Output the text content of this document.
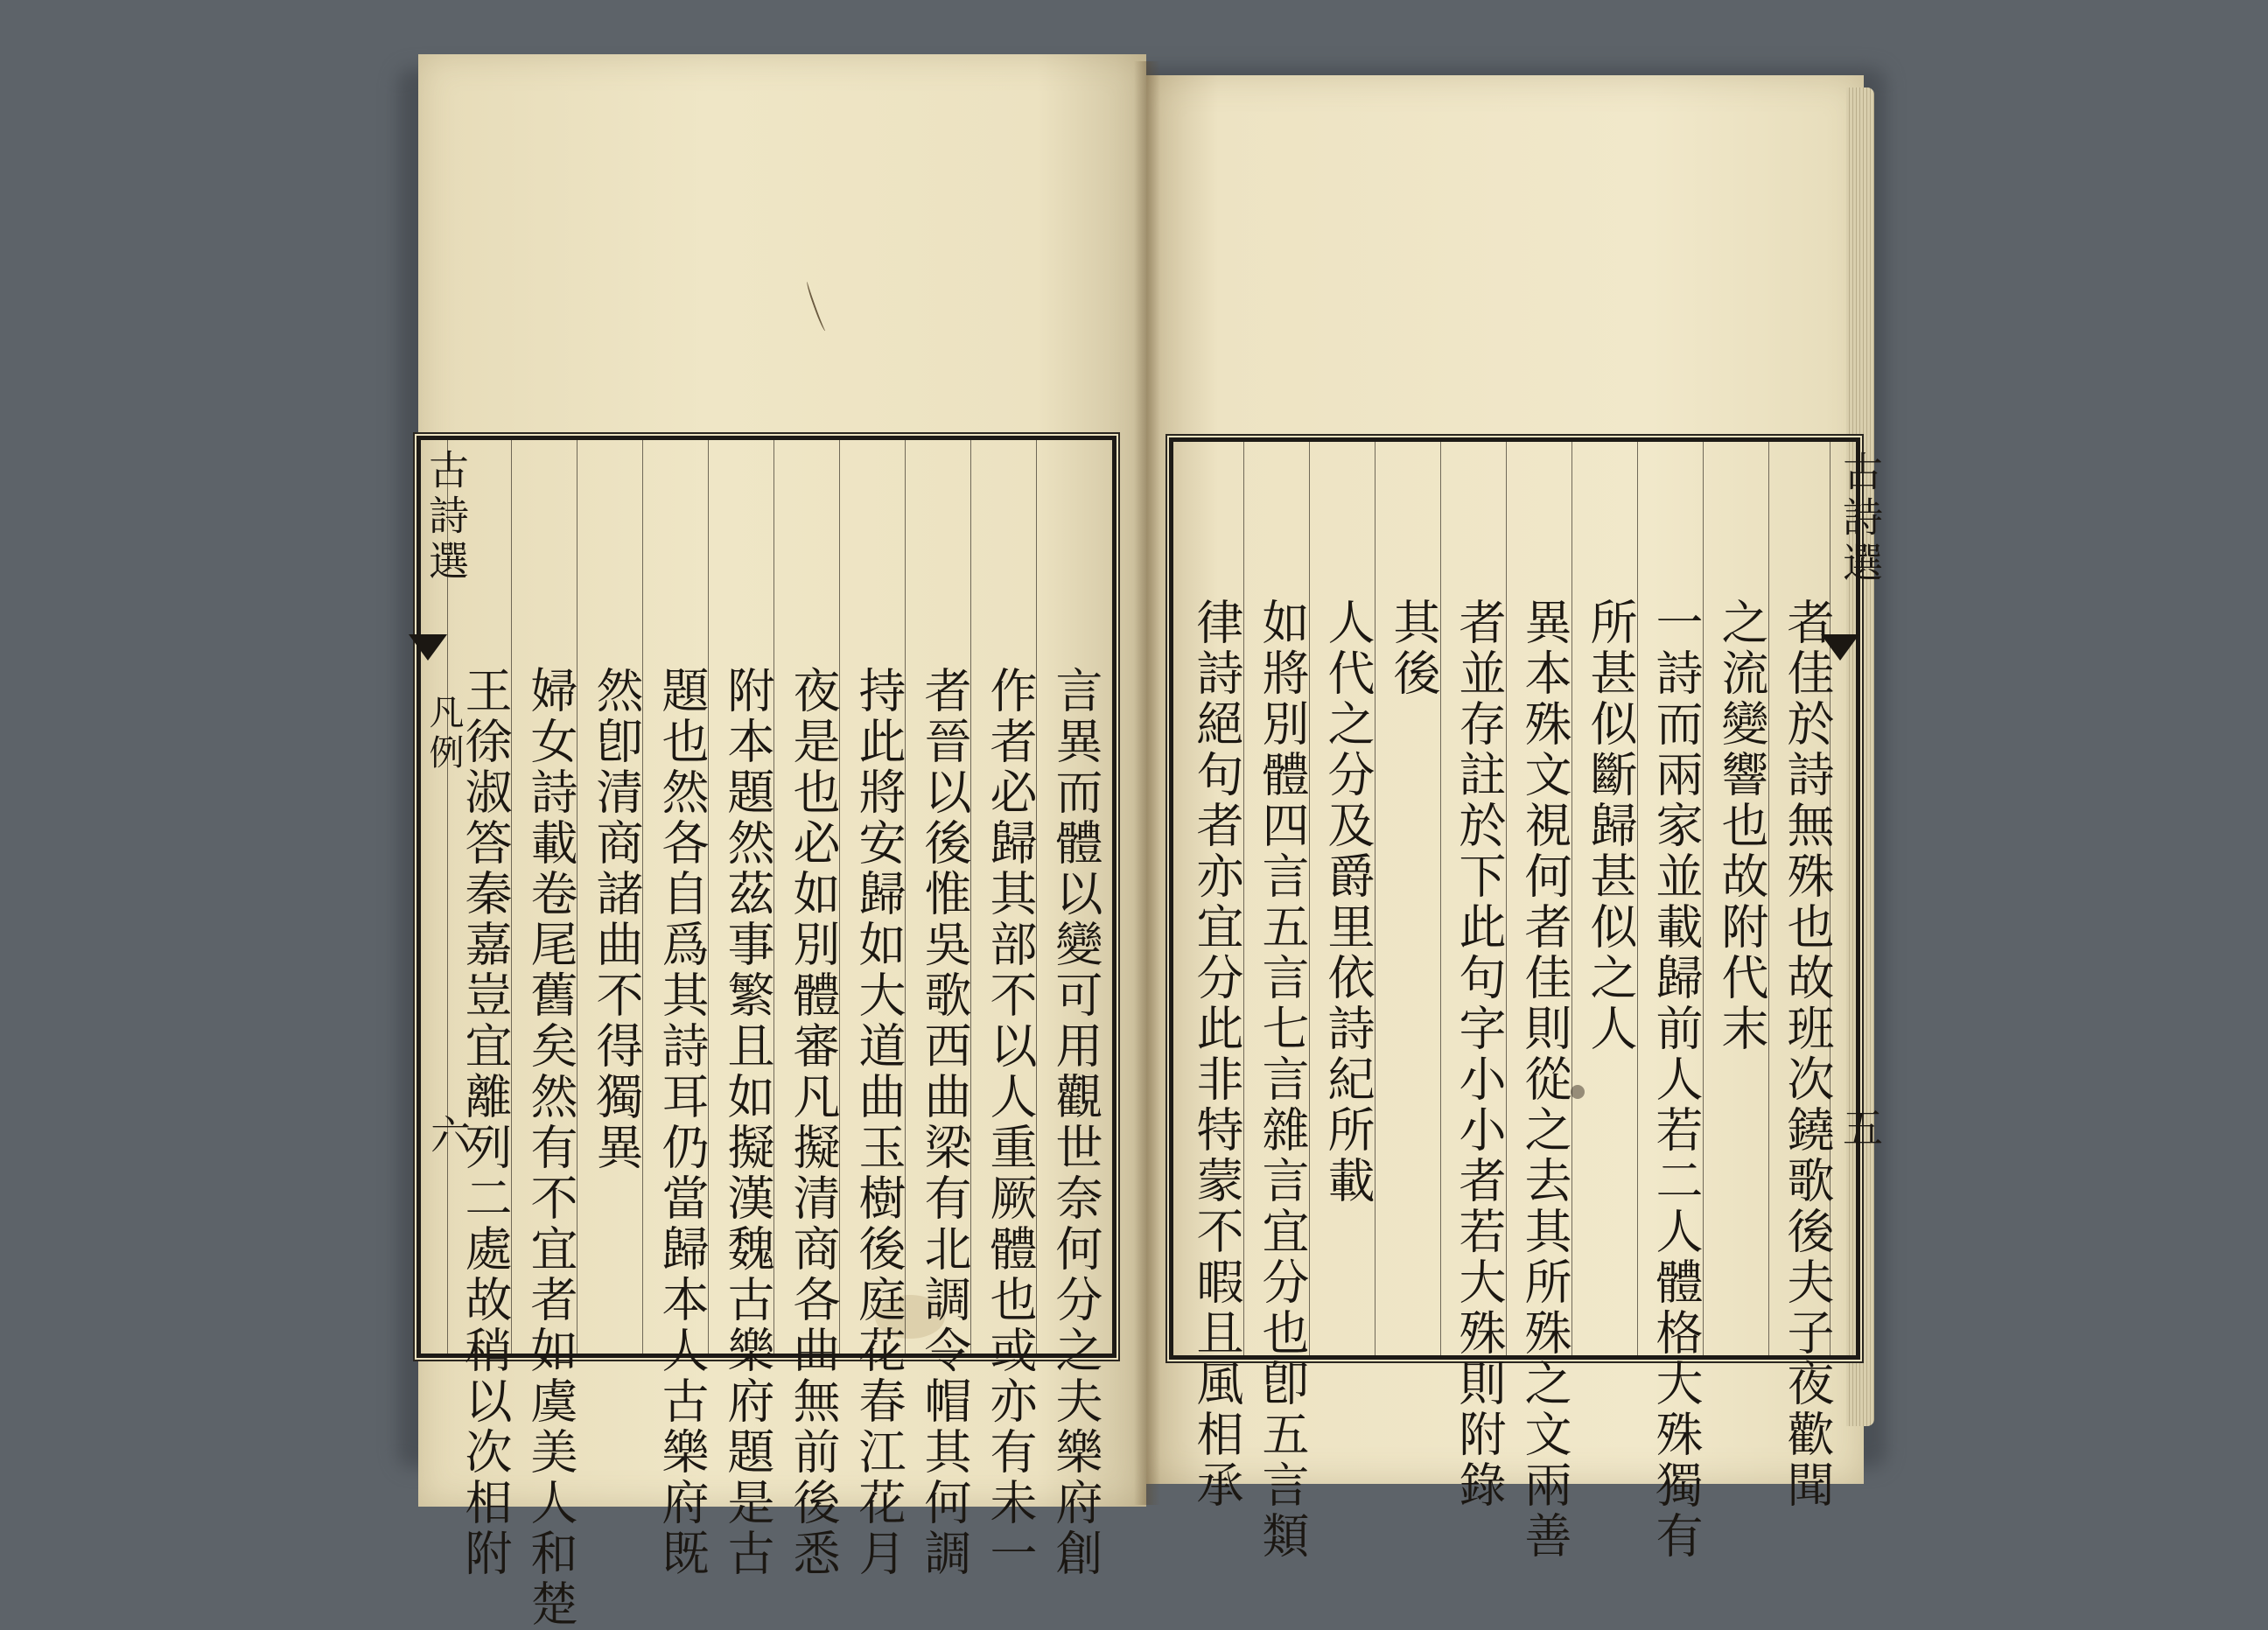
言異而體以變可用觀世奈何分之夫樂府創
作者必歸其部不以人重厥體也或亦有未一
者晉以後惟吳歌西曲梁有北調令帽其何調
持此將安歸如大道曲玉樹後庭花春江花月
夜是也必如別體審凡擬清商各曲無前後悉
附本題然茲事繁且如擬漢魏古樂府題是古
題也然各自爲其詩耳仍當歸本人古樂府既
然卽清商諸曲不得獨異
婦女詩載卷尾舊矣然有不宜者如虞美人和楚
王徐淑答秦嘉豈宜離列二處故稍以次相附
古詩選
凡例
六	者佳於詩無殊也故班次鐃歌後夫子夜歡聞
之流變響也故附代末
一詩而兩家並載歸前人若二人體格大殊獨有
所甚似斷歸甚似之人
異本殊文視何者佳則從之去其所殊之文兩善
者並存註於下此句字小小者若大殊則附錄
其後
人代之分及爵里依詩紀所載
如將別體四言五言七言雜言宜分也卽五言類
律詩絕句者亦宜分此非特蒙不暇且風相承
古詩選
五
